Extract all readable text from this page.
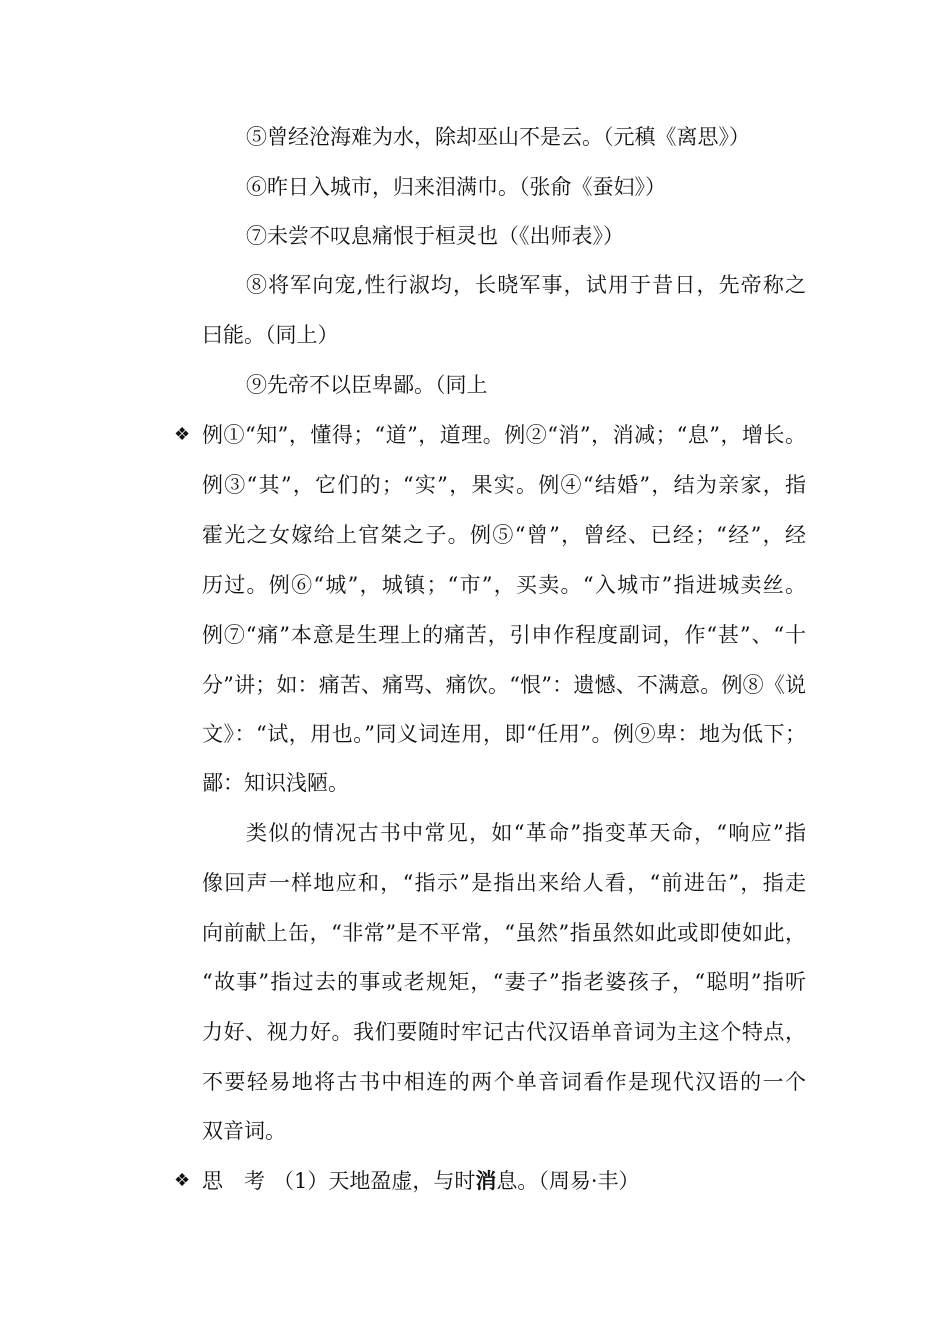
⑤曾经沧海难为水，除却巫山不是云。（元稹《离思》）
⑥昨日入城市，归来泪满巾。（张俞《蚕妇》）
⑦未尝不叹息痛恨于桓灵也（《出师表》）
⑧将军向宠,性行淑均，长晓军事，试用于昔日，先帝称之
曰能。（同上）
⑨先帝不以臣卑鄙。（同上
❖ 例①“知”，懂得；“道”，道理。例②“消”，消减；“息”，增长。
例③“其”，它们的；“实”，果实。例④“结婚”，结为亲家，指
霍光之女嫁给上官桀之子。例⑤“曾”，曾经、已经；“经”，经
历过。例⑥“城”，城镇；“市”，买卖。“入城市”指进城卖丝。
例⑦“痛”本意是生理上的痛苦，引申作程度副词，作“甚”、“十
分”讲；如：痛苦、痛骂、痛饮。“恨”：遗憾、不满意。例⑧《说
文》：“试，用也。”同义词连用，即“任用”。例⑨卑：地为低下；
鄙：知识浅陋。
类似的情况古书中常见，如“革命”指变革天命，“响应”指
像回声一样地应和，“指示”是指出来给人看，“前进缶”，指走
向前献上缶，“非常”是不平常，“虽然”指虽然如此或即使如此，
“故事”指过去的事或老规矩，“妻子”指老婆孩子，“聪明”指听
力好、视力好。我们要随时牢记古代汉语单音词为主这个特点，
不要轻易地将古书中相连的两个单音词看作是现代汉语的一个
双音词。
❖ 思　考 （1）天地盈虚，与时消息。（周易·丰）
